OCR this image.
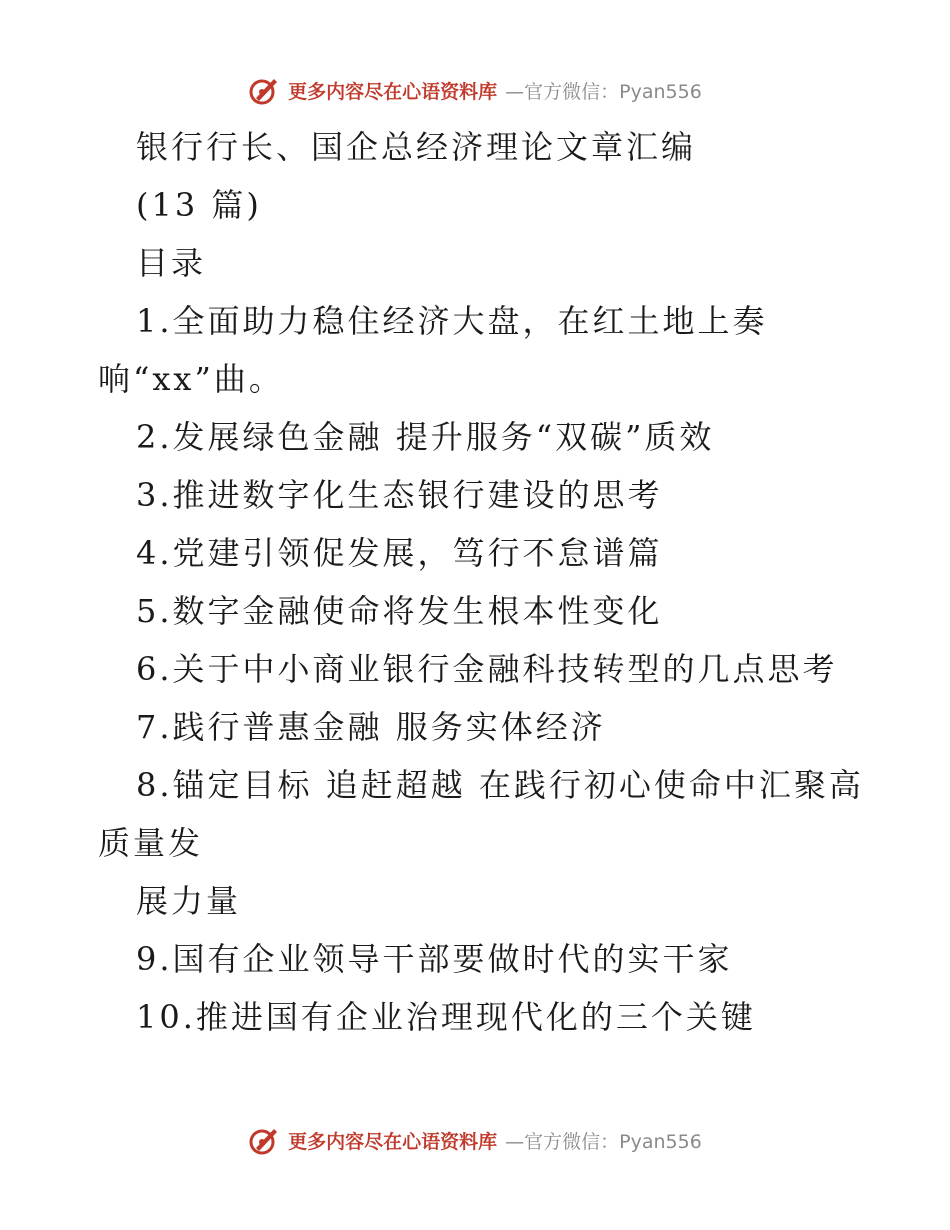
更多内容尽在心语资料库 —官方微信：Pyan556

银行行长、国企总经济理论文章汇编

(13 篇)

目录

1.全面助力稳住经济大盘，在红土地上奏

响“xx”曲。

2.发展绿色金融 提升服务“双碳”质效

3.推进数字化生态银行建设的思考

4.党建引领促发展，笃行不怠谱篇

5.数字金融使命将发生根本性变化

6.关于中小商业银行金融科技转型的几点思考

7.践行普惠金融 服务实体经济

8.锚定目标 追赶超越 在践行初心使命中汇聚高

质量发

展力量

9.国有企业领导干部要做时代的实干家

10.推进国有企业治理现代化的三个关键

更多内容尽在心语资料库 —官方微信：Pyan556
